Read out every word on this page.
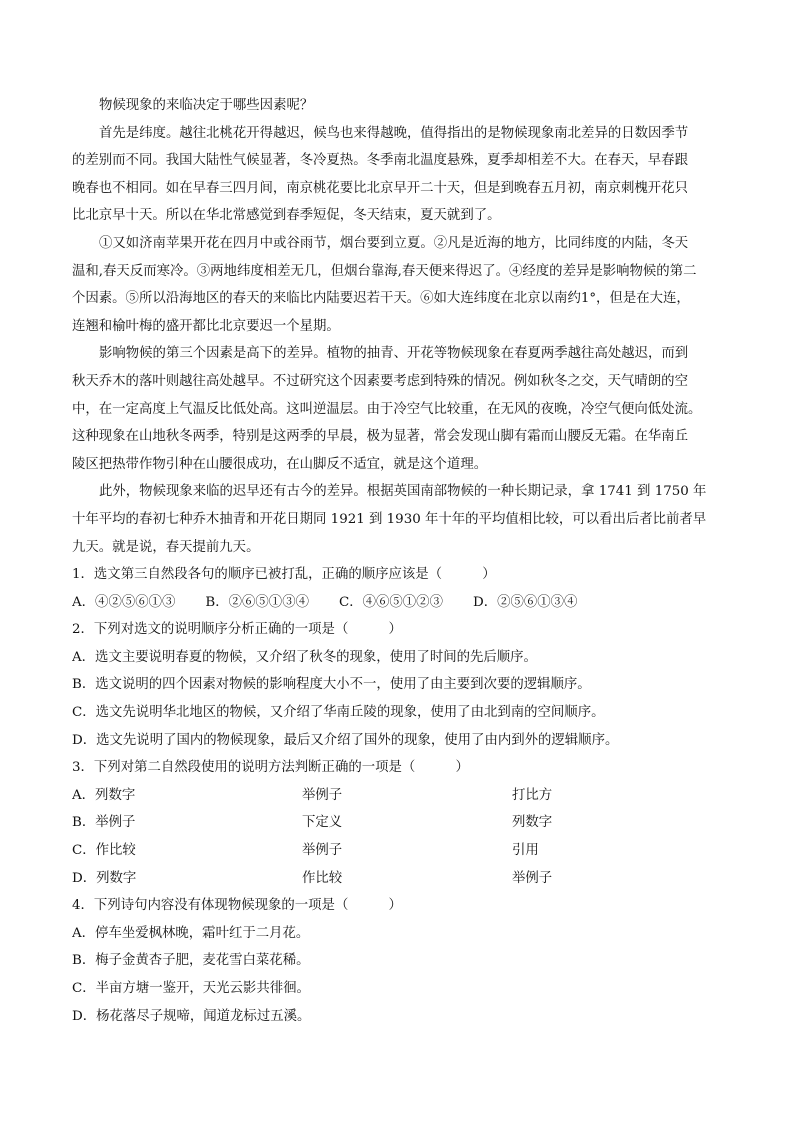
物候现象的来临决定于哪些因素呢？
首先是纬度。越往北桃花开得越迟，候鸟也来得越晚，值得指出的是物候现象南北差异的日数因季节
的差别而不同。我国大陆性气候显著，冬冷夏热。冬季南北温度悬殊，夏季却相差不大。在春天，早春跟
晚春也不相同。如在早春三四月间，南京桃花要比北京早开二十天，但是到晚春五月初，南京刺槐开花只
比北京早十天。所以在华北常感觉到春季短促，冬天结束，夏天就到了。
①又如济南苹果开花在四月中或谷雨节，烟台要到立夏。②凡是近海的地方，比同纬度的内陆，冬天
温和,春天反而寒冷。③两地纬度相差无几，但烟台靠海,春天便来得迟了。④经度的差异是影响物候的第二
个因素。⑤所以沿海地区的春天的来临比内陆要迟若干天。⑥如大连纬度在北京以南约1°，但是在大连，
连翘和榆叶梅的盛开都比北京要迟一个星期。
影响物候的第三个因素是高下的差异。植物的抽青、开花等物候现象在春夏两季越往高处越迟，而到
秋天乔木的落叶则越往高处越早。不过研究这个因素要考虑到特殊的情况。例如秋冬之交，天气晴朗的空
中，在一定高度上气温反比低处高。这叫逆温层。由于冷空气比较重，在无风的夜晚，冷空气便向低处流。
这种现象在山地秋冬两季，特别是这两季的早晨，极为显著，常会发现山脚有霜而山腰反无霜。在华南丘
陵区把热带作物引种在山腰很成功，在山脚反不适宜，就是这个道理。
此外，物候现象来临的迟早还有古今的差异。根据英国南部物候的一种长期记录，拿 1741 到 1750 年
十年平均的春初七种乔木抽青和开花日期同 1921 到 1930 年十年的平均值相比较，可以看出后者比前者早
九天。就是说，春天提前九天。
1．选文第三自然段各句的顺序已被打乱，正确的顺序应该是（　　　）
A．④②⑤⑥①③ B．②⑥⑤①③④ C．④⑥⑤①②③ D．②⑤⑥①③④
2．下列对选文的说明顺序分析正确的一项是（　　　）
A．选文主要说明春夏的物候，又介绍了秋冬的现象，使用了时间的先后顺序。
B．选文说明的四个因素对物候的影响程度大小不一，使用了由主要到次要的逻辑顺序。
C．选文先说明华北地区的物候，又介绍了华南丘陵的现象，使用了由北到南的空间顺序。
D．选文先说明了国内的物候现象，最后又介绍了国外的现象，使用了由内到外的逻辑顺序。
3．下列对第二自然段使用的说明方法判断正确的一项是（　　　）
A．列数字	举例子	打比方
B．举例子	下定义	列数字
C．作比较	举例子	引用
D．列数字	作比较	举例子
4．下列诗句内容没有体现物候现象的一项是（　　　）
A．停车坐爱枫林晚，霜叶红于二月花。
B．梅子金黄杏子肥，麦花雪白菜花稀。
C．半亩方塘一鉴开，天光云影共徘徊。
D．杨花落尽子规啼，闻道龙标过五溪。
